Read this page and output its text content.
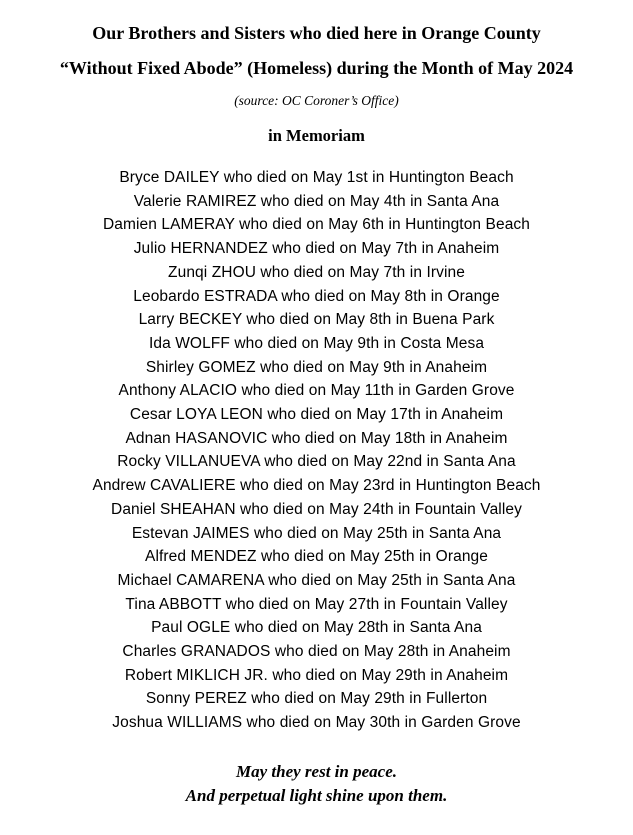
Our Brothers and Sisters who died here in Orange County
“Without Fixed Abode” (Homeless) during the Month of May 2024
(source: OC Coroner’s Office)
in Memoriam
Bryce DAILEY who died on May 1st in Huntington Beach
Valerie RAMIREZ who died on May 4th in Santa Ana
Damien LAMERAY who died on May 6th in Huntington Beach
Julio HERNANDEZ who died on May 7th in Anaheim
Zunqi ZHOU who died on May 7th in Irvine
Leobardo ESTRADA who died on May 8th in Orange
Larry BECKEY who died on May 8th in Buena Park
Ida WOLFF who died on May 9th in Costa Mesa
Shirley GOMEZ who died on May 9th in Anaheim
Anthony ALACIO who died on May 11th in Garden Grove
Cesar LOYA LEON who died on May 17th in Anaheim
Adnan HASANOVIC who died on May 18th in Anaheim
Rocky VILLANUEVA who died on May 22nd in Santa Ana
Andrew CAVALIERE who died on May 23rd in Huntington Beach
Daniel SHEAHAN who died on May 24th in Fountain Valley
Estevan JAIMES who died on May 25th in Santa Ana
Alfred MENDEZ who died on May 25th in Orange
Michael CAMARENA who died on May 25th in Santa Ana
Tina ABBOTT who died on May 27th in Fountain Valley
Paul OGLE who died on May 28th in Santa Ana
Charles GRANADOS who died on May 28th in Anaheim
Robert MIKLICH JR. who died on May 29th in Anaheim
Sonny PEREZ who died on May 29th in Fullerton
Joshua WILLIAMS who died on May 30th in Garden Grove
May they rest in peace.
And perpetual light shine upon them.
